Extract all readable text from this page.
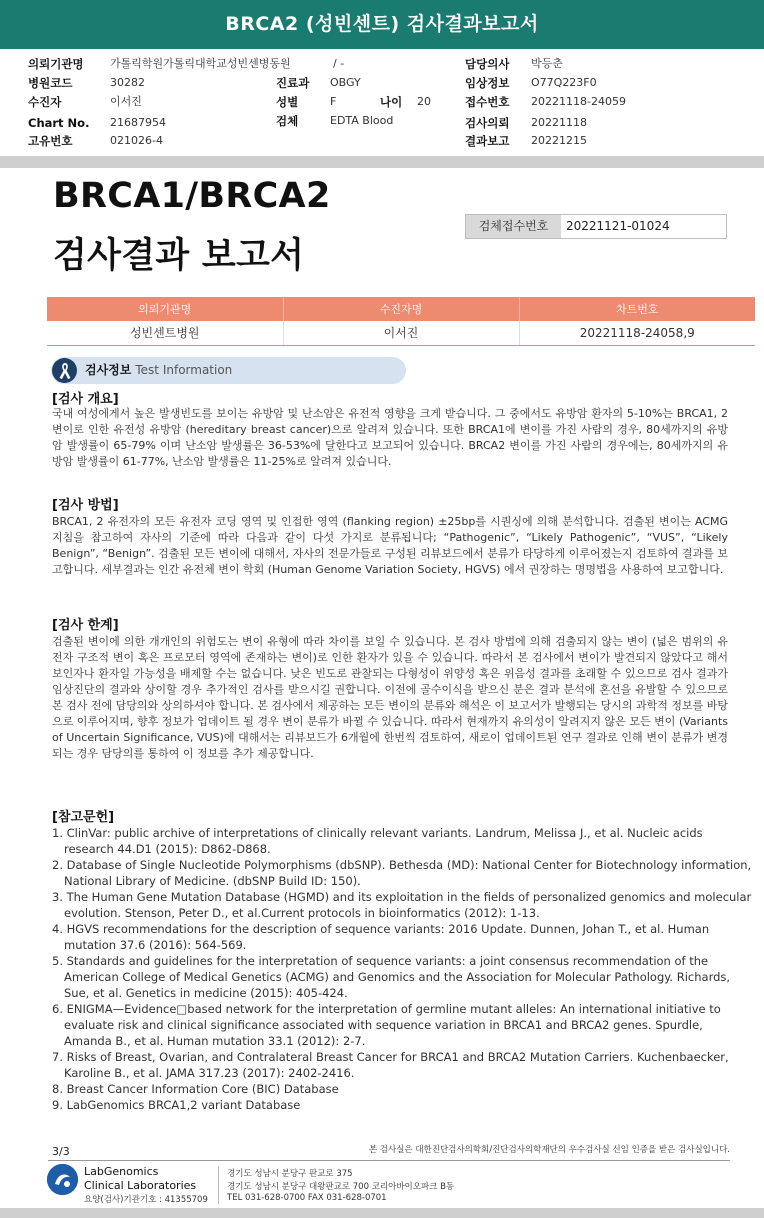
BRCA2 (성빈센트) 검사결과보고서
의뢰기관명 가톨릭학원가톨릭대학교성빈센병동원	/ -
병원코드	30282
수진자	이서진
Chart No. 21687954
고유번호	021026-4
진료과 OBGY
성별	F	나이 20
검체	EDTA Blood
담당의사 박등춘
임상정보 O77Q223F0
접수번호 20221118-24059
검사의뢰 20221118
결과보고 20221215
BRCA1/BRCA2
검사결과 보고서
검체접수번호	20221121-01024
의뢰기관명	수진자명	차트번호
성빈센트병원	이서진	20221118-24058,9
검사정보 Test Information
[검사 개요]
국내 여성에게서 높은 발생빈도를 보이는 유방암 및 난소암은 유전적 영향을 크게 받습니다. 그 중에서도 유방암 환자의 5-10%는 BRCA1, 2 변이로 인한 유전성 유방암 (hereditary breast cancer)으로 알려져 있습니다. 또한 BRCA1에 변이를 가진 사람의 경우, 80세까지의 유방암 발생률이 65-79% 이며 난소암 발생률은 36-53%에 달한다고 보고되어 있습니다. BRCA2 변이를 가진 사람의 경우에는, 80세까지의 유방암 발생률이 61-77%, 난소암 발생률은 11-25%로 알려져 있습니다.
[검사 방법]
BRCA1, 2 유전자의 모든 유전자 코딩 영역 및 인접한 영역 (flanking region) ±25bp를 시퀀싱에 의해 분석합니다. 검출된 변이는 ACMG 지침을 참고하여 자사의 기준에 따라 다음과 같이 다섯 가지로 분류됩니다; “Pathogenic”, “Likely Pathogenic”, “VUS”, “Likely Benign”, “Benign”. 검출된 모든 변이에 대해서, 자사의 전문가들로 구성된 리뷰보드에서 분류가 타당하게 이루어졌는지 검토하여 결과를 보고합니다. 세부결과는 인간 유전체 변이 학회 (Human Genome Variation Society, HGVS) 에서 권장하는 명명법을 사용하여 보고합니다.
[검사 한계]
검출된 변이에 의한 개개인의 위험도는 변이 유형에 따라 차이를 보일 수 있습니다. 본 검사 방법에 의해 검출되지 않는 변이 (넓은 범위의 유전자 구조적 변이 혹은 프로모터 영역에 존재하는 변이)로 인한 환자가 있을 수 있습니다. 따라서 본 검사에서 변이가 발견되지 않았다고 해서 보인자나 환자일 가능성을 배제할 수는 없습니다. 낮은 빈도로 관찰되는 다형성이 위양성 혹은 위음성 결과를 초래할 수 있으므로 검사 결과가 임상진단의 결과와 상이할 경우 추가적인 검사를 받으시길 권합니다. 이전에 골수이식을 받으신 분은 결과 분석에 혼선을 유발할 수 있으므로 본 검사 전에 담당의와 상의하셔야 합니다. 본 검사에서 제공하는 모든 변이의 분류와 해석은 이 보고서가 발행되는 당시의 과학적 정보를 바탕으로 이루어지며, 향후 정보가 업데이트 될 경우 변이 분류가 바뀔 수 있습니다. 따라서 현재까지 유의성이 알려지지 않은 모든 변이 (Variants of Uncertain Significance, VUS)에 대해서는 리뷰보드가 6개월에 한번씩 검토하여, 새로이 업데이트된 연구 결과로 인해 변이 분류가 변경되는 경우 담당의를 통하여 이 정보를 추가 제공합니다.
[참고문헌]
1. ClinVar: public archive of interpretations of clinically relevant variants. Landrum, Melissa J., et al. Nucleic acids research 44.D1 (2015): D862-D868.
2. Database of Single Nucleotide Polymorphisms (dbSNP). Bethesda (MD): National Center for Biotechnology information, National Library of Medicine. (dbSNP Build ID: 150).
3. The Human Gene Mutation Database (HGMD) and its exploitation in the fields of personalized genomics and molecular evolution. Stenson, Peter D., et al.Current protocols in bioinformatics (2012): 1-13.
4. HGVS recommendations for the description of sequence variants: 2016 Update. Dunnen, Johan T., et al. Human mutation 37.6 (2016): 564-569.
5. Standards and guidelines for the interpretation of sequence variants: a joint consensus recommendation of the American College of Medical Genetics (ACMG) and Genomics and the Association for Molecular Pathology. Richards, Sue, et al. Genetics in medicine (2015): 405-424.
6. ENIGMA—Evidence□based network for the interpretation of germline mutant alleles: An international initiative to evaluate risk and clinical significance associated with sequence variation in BRCA1 and BRCA2 genes. Spurdle, Amanda B., et al. Human mutation 33.1 (2012): 2-7.
7. Risks of Breast, Ovarian, and Contralateral Breast Cancer for BRCA1 and BRCA2 Mutation Carriers. Kuchenbaecker, Karoline B., et al. JAMA 317.23 (2017): 2402-2416.
8. Breast Cancer Information Core (BIC) Database
9. LabGenomics BRCA1,2 variant Database
3/3	본 검사실은 대한진단검사의학회/진단검사의학재단의 우수검사실 신임 인증을 받은 검사실입니다.
LabGenomics
Clinical Laboratories
요양(검사)기관기호 : 41355709
경기도 성남시 분당구 판교로 375
경기도 성남시 분당구 대왕판교로 700 코리아바이오파크 B동
TEL 031-628-0700 FAX 031-628-0701
